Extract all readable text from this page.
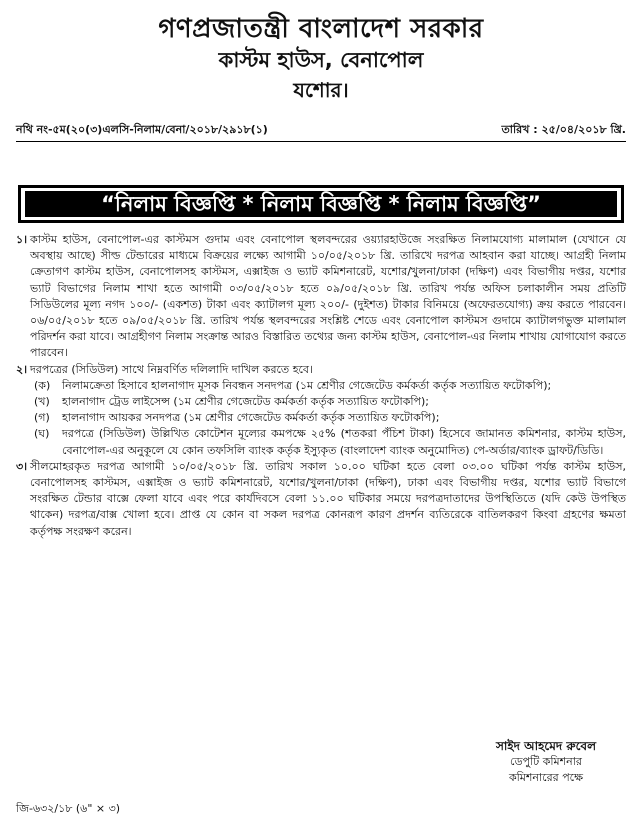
গণপ্রজাতন্ত্রী বাংলাদেশ সরকার
কাস্টম হাউস, বেনাপোল
যশোর।
নথি নং-৫ম(২০(৩)এলসি-নিলাম/বেনা/২০১৮/২৯১৮(১)	তারিখ : ২৫/০৪/২০১৮ খ্রি.
“নিলাম বিজ্ঞপ্তি * নিলাম বিজ্ঞপ্তি * নিলাম বিজ্ঞপ্তি”
১। কাস্টম হাউস, বেনাপোল-এর কাস্টমস গুদাম এবং বেনাপোল স্থলবন্দরের ওয়্যারহাউজে সংরক্ষিত নিলামযোগ্য মালামাল (যেখানে যে অবস্থায় আছে) সীল্ড টেন্ডারের মাধ্যমে বিক্রয়ের লক্ষ্যে আগামী ১০/০৫/২০১৮ খ্রি. তারিখে দরপত্র আহবান করা যাচ্ছে। আগ্রহী নিলাম ক্রেতাগণ কাস্টম হাউস, বেনাপোলসহ কাস্টমস, এক্সাইজ ও ভ্যাট কমিশনারেট, যশোর/খুলনা/ঢাকা (দক্ষিণ) এবং বিভাগীয় দপ্তর, যশোর ভ্যাট বিভাগের নিলাম শাখা হতে আগামী ০৩/০৫/২০১৮ হতে ০৯/০৫/২০১৮ খ্রি. তারিখ পর্যন্ত অফিস চলাকালীন সময় প্রতিটি সিডিউলের মূল্য নগদ ১০০/- (একশত) টাকা এবং ক্যাটালগ মূল্য ২০০/- (দুইশত) টাকার বিনিময়ে (অফেরতযোগ্য) ক্রয় করতে পারবেন। ০৬/০৫/২০১৮ হতে ০৯/০৫/২০১৮ খ্রি. তারিখ পর্যন্ত স্থলবন্দরের সংশ্লিষ্ট শেডে এবং বেনাপোল কাস্টমস গুদামে ক্যাটালগভুক্ত মালামাল পরিদর্শন করা যাবে। আগ্রহীগণ নিলাম সংক্রান্ত আরও বিস্তারিত তথ্যের জন্য কাস্টম হাউস, বেনাপোল-এর নিলাম শাখায় যোগাযোগ করতে পারবেন।
২। দরপত্রের (সিডিউল) সাথে নিম্নবর্ণিত দলিলাদি দাখিল করতে হবে।
(ক) নিলামক্রেতা হিসাবে হালনাগাদ মূসক নিবন্ধন সনদপত্র (১ম শ্রেণীর গেজেটেড কর্মকর্তা কর্তৃক সত্যায়িত ফটোকপি);
(খ) হালনাগাদ ট্রেড লাইসেন্স (১ম শ্রেণীর গেজেটেড কর্মকর্তা কর্তৃক সত্যায়িত ফটোকপি);
(গ) হালনাগাদ আয়কর সনদপত্র (১ম শ্রেণীর গেজেটেড কর্মকর্তা কর্তৃক সত্যায়িত ফটোকপি);
(ঘ) দরপত্রে (সিডিউল) উল্লিখিত কোটেশন মূল্যের কমপক্ষে ২৫% (শতকরা পঁচিশ টাকা) হিসেবে জামানত কমিশনার, কাস্টম হাউস, বেনাপোল-এর অনুকূলে যে কোন তফসিলি ব্যাংক কর্তৃক ইস্যুকৃত (বাংলাদেশ ব্যাংক অনুমোদিত) পে-অর্ডার/ব্যাংক ড্রাফট/ডিডি।
৩। সীলমোহরকৃত দরপত্র আগামী ১০/০৫/২০১৮ খ্রি. তারিখ সকাল ১০.০০ ঘটিকা হতে বেলা ০৩.০০ ঘটিকা পর্যন্ত কাস্টম হাউস, বেনাপোলসহ কাস্টমস, এক্সাইজ ও ভ্যাট কমিশনারেট, যশোর/খুলনা/ঢাকা (দক্ষিণ), ঢাকা এবং বিভাগীয় দপ্তর, যশোর ভ্যাট বিভাগে সংরক্ষিত টেন্ডার বাক্সে ফেলা যাবে এবং পরে কার্যদিবসে বেলা ১১.০০ ঘটিকার সময়ে দরপত্রদাতাদের উপস্থিতিতে (যদি কেউ উপস্থিত থাকেন) দরপত্র/বাক্স খোলা হবে। প্রাপ্ত যে কোন বা সকল দরপত্র কোনরূপ কারণ প্রদর্শন ব্যতিরেকে বাতিলকরণ কিংবা গ্রহণের ক্ষমতা কর্তৃপক্ষ সংরক্ষণ করেন।
সাইদ আহমেদ রুবেল
ডেপুটি কমিশনার
কমিশনারের পক্ষে
জি-৬৩২/১৮ (৬" × ৩)
